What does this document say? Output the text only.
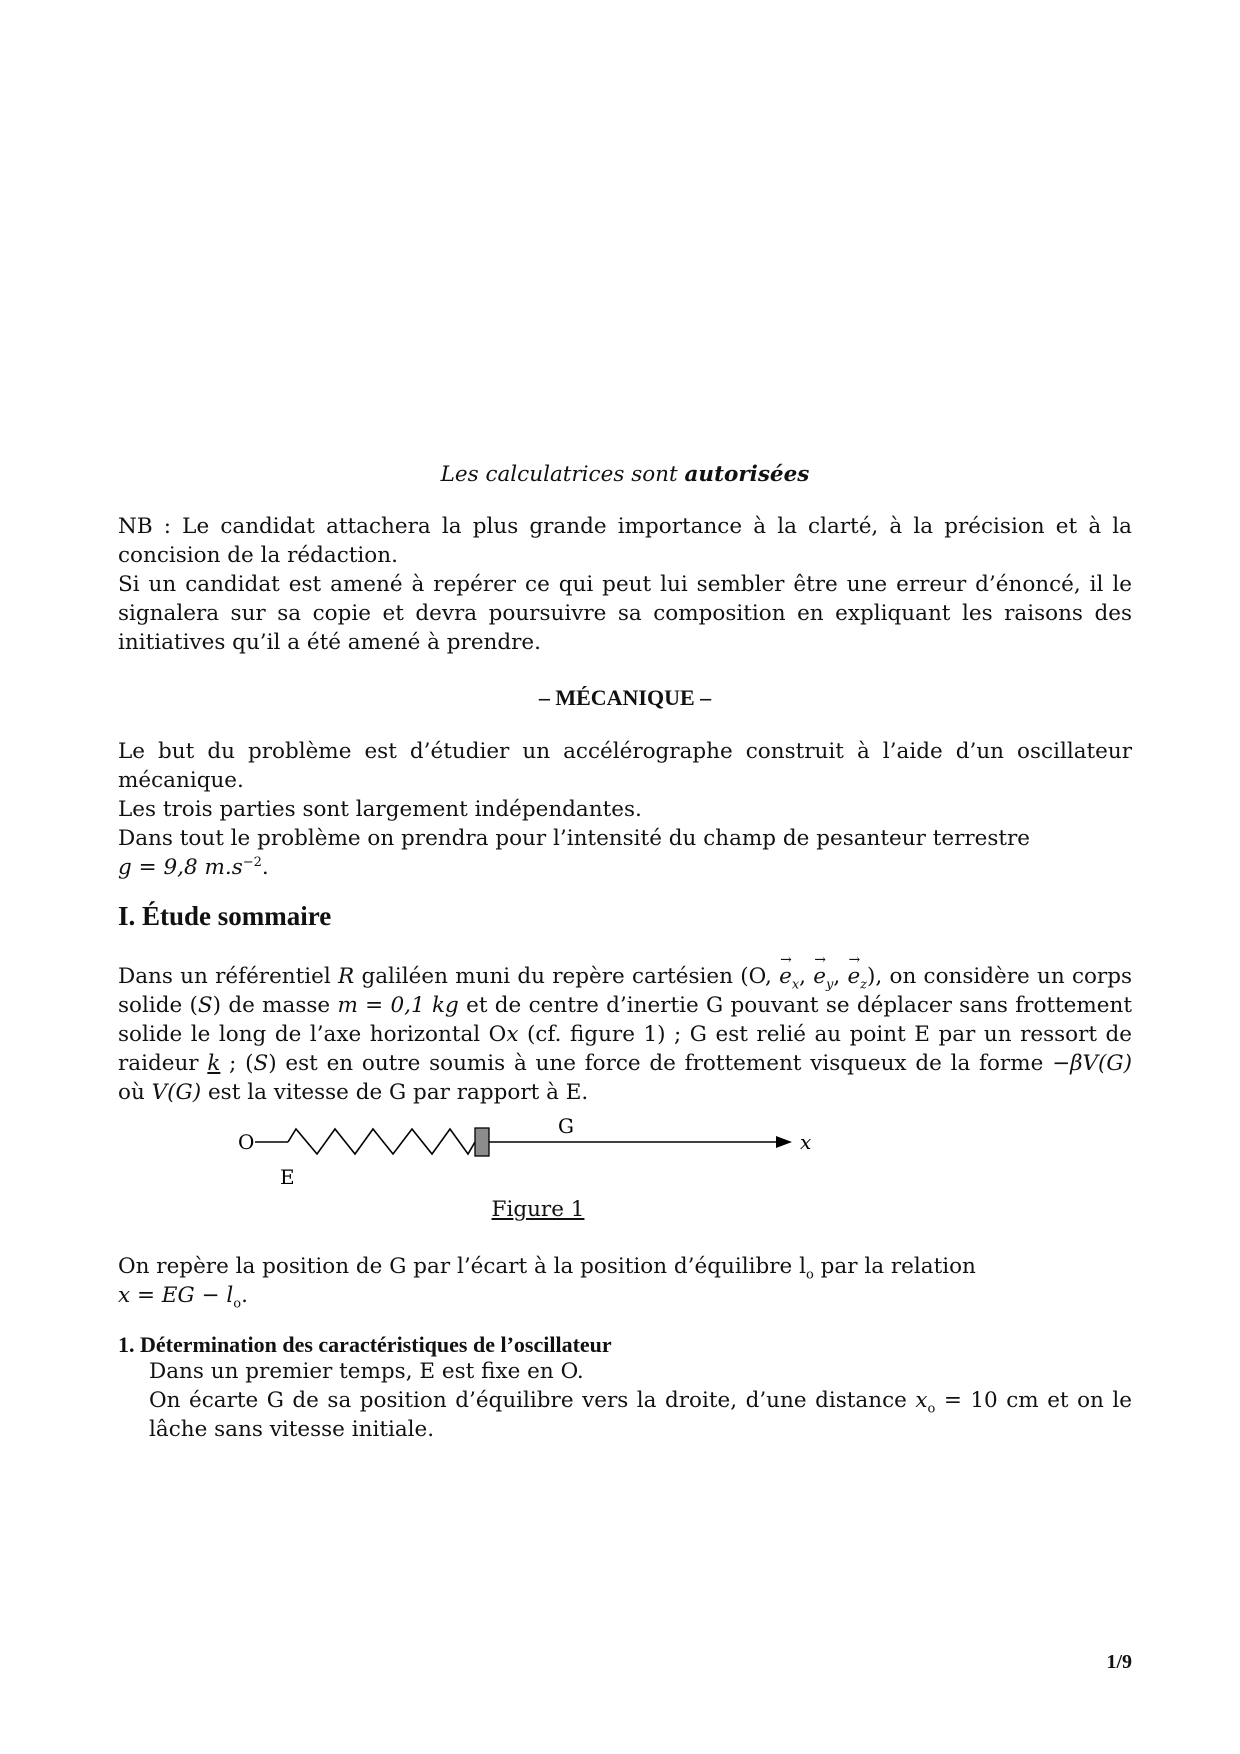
Les calculatrices sont autorisées
NB : Le candidat attachera la plus grande importance à la clarté, à la précision et à la concision de la rédaction.
Si un candidat est amené à repérer ce qui peut lui sembler être une erreur d’énoncé, il le signalera sur sa copie et devra poursuivre sa composition en expliquant les raisons des initiatives qu’il a été amené à prendre.
– MÉCANIQUE –
Le but du problème est d’étudier un accélérographe construit à l’aide d’un oscillateur mécanique.
Les trois parties sont largement indépendantes.
Dans tout le problème on prendra pour l’intensité du champ de pesanteur terrestre
g = 9,8 $m.s^{-2}$.
I. Étude sommaire
Dans un référentiel R galiléen muni du repère cartésien (O, → $e_x$, → $e_y$, → $e_z$), on considère un corps solide (S) de masse m = 0,1 kg et de centre d’inertie G pouvant se déplacer sans frottement solide le long de l’axe horizontal Ox (cf. figure 1) ; G est relié au point E par un ressort de raideur k ; (S) est en outre soumis à une force de frottement visqueux de la forme −βV(G) où V(G) est la vitesse de G par rapport à E.
O
E
G
x
Figure 1
On repère la position de G par l’écart à la position d’équilibre $l_o$ par la relation
x = EG − $l_o$.
1. Détermination des caractéristiques de l’oscillateur
Dans un premier temps, E est fixe en O.
On écarte G de sa position d’équilibre vers la droite, d’une distance $x_o = 10$ cm et on le lâche sans vitesse initiale.
1/9
